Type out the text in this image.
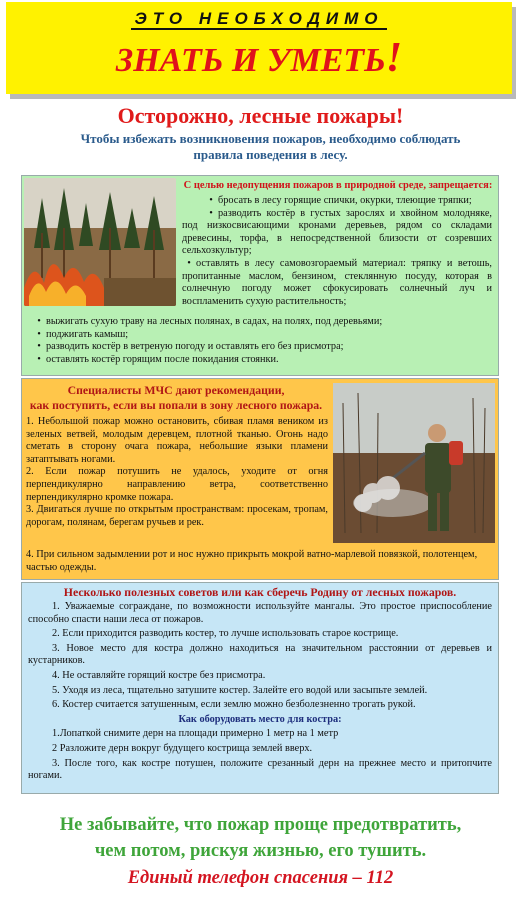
ЭТО НЕОБХОДИМО
ЗНАТЬ И УМЕТЬ!
Осторожно, лесные пожары!
Чтобы избежать возникновения пожаров, необходимо соблюдать правила поведения в лесу.
С целью недопущения пожаров в природной среде, запрещается:

• бросать в лесу горящие спички, окурки, тлеющие тряпки;

• разводить костёр в густых зарослях и хвойном молодняке, под низкосвисающими кронами деревьев, рядом со складами древесины, торфа, в непосредственной близости от созревших сельхозкультур;

• оставлять в лесу самовозгораемый материал: тряпку и ветошь, пропитанные маслом, бензином, стеклянную посуду, которая в солнечную погоду может сфокусировать солнечный луч и воспламенить сухую растительность;

• выжигать сухую траву на лесных полянах, в садах, на полях, под деревьями;

• поджигать камыш;

• разводить костёр в ветреную погоду и оставлять его без присмотра;

• оставлять костёр горящим после покидания стоянки.

Специалисты МЧС дают рекомендации,
как поступить, если вы попали в зону лесного пожара.

1. Небольшой пожар можно остановить, сбивая пламя веником из зеленых ветвей, молодым деревцем, плотной тканью. Огонь надо сметать в сторону очага пожара, небольшие языки пламени затаптывать ногами.

2. Если пожар потушить не удалось, уходите от огня перпендикулярно направлению ветра, соответственно перпендикулярно кромке пожара.

3. Двигаться лучше по открытым пространствам: просекам, тропам, дорогам, полянам, берегам ручьев и рек.

4. При сильном задымлении рот и нос нужно прикрыть мокрой ватно-марлевой повязкой, полотенцем, частью одежды.

Несколько полезных советов или как сберечь Родину от лесных пожаров.

1. Уважаемые сограждане, по возможности используйте мангалы. Это простое приспособление способно спасти наши леса от пожаров.

2. Если приходится разводить костер, то лучше использовать старое кострище.

3. Новое место для костра должно находиться на значительном расстоянии от деревьев и кустарников.

4. Не оставляйте горящий костре без присмотра.

5. Уходя из леса, тщательно затушите костер. Залейте его водой или засыпьте землей.

6. Костер считается затушенным, если землю можно безболезненно трогать рукой.

Как оборудовать место для костра:

1.Лопаткой снимите дерн на площади примерно 1 метр на 1 метр

2 Разложите дерн вокруг будущего кострища землей вверх.

3. После того, как костре потушен, положите срезанный дерн на прежнее место и притопчите ногами.

Не забывайте, что пожар проще предотвратить,
чем потом, рискуя жизнью, его тушить.
Единый телефон спасения – 112
